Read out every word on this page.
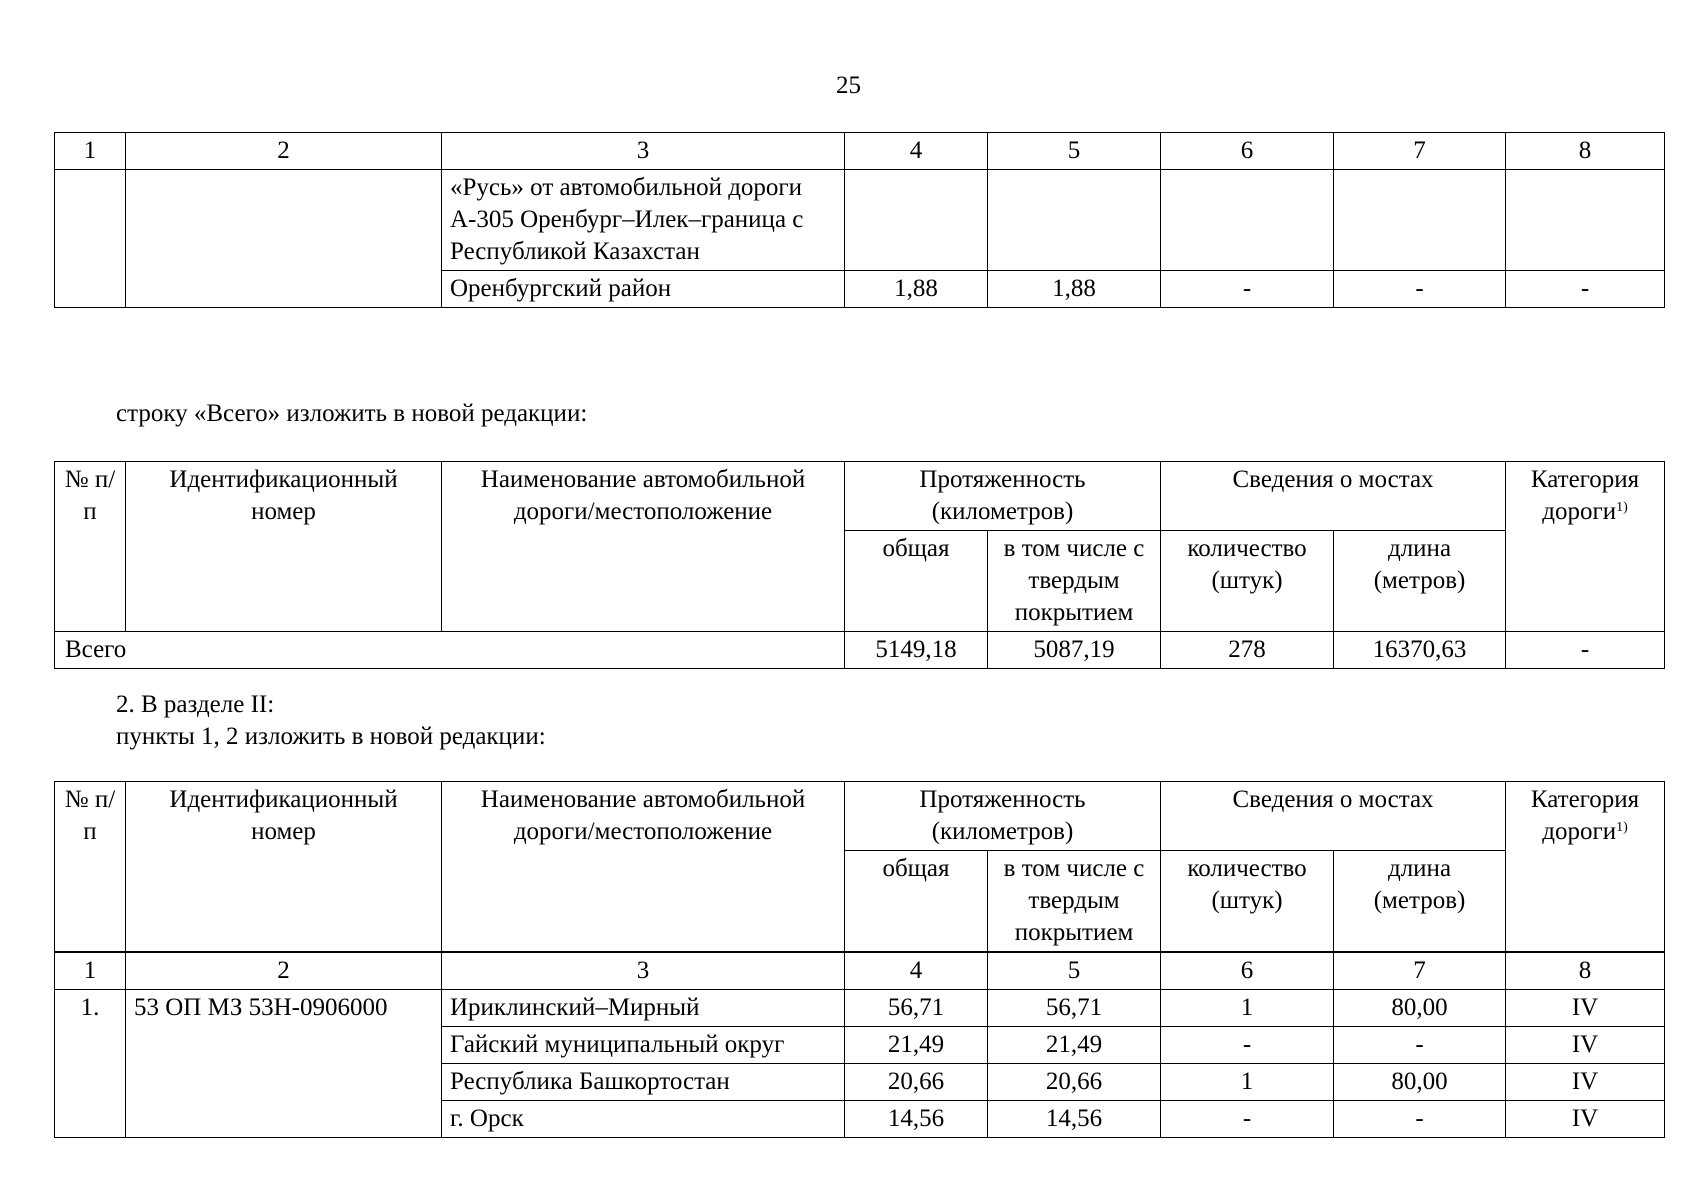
25
1	2	3	4	5	6	7	8
		«Русь» от автомобильной дороги А-305 Оренбург–Илек–граница с Республикой Казахстан					
		Оренбургский район	1,88	1,88	-	-	-
строку «Всего» изложить в новой редакции:
№ п/п	Идентификационный номер	Наименование автомобильной дороги/местоположение	Протяженность (километров)		Сведения о мостах		Категория дороги$^{1)}$
			общая	в том числе с твердым покрытием	количество (штук)	длина (метров)	
Всего			5149,18	5087,19	278	16370,63	-
2. В разделе II:
пункты 1, 2 изложить в новой редакции:
№ п/п	Идентификационный номер	Наименование автомобильной дороги/местоположение	Протяженность (километров)		Сведения о мостах		Категория дороги$^{1)}$
			общая	в том числе с твердым покрытием	количество (штук)	длина (метров)	
1	2	3	4	5	6	7	8
1.	53 ОП МЗ 53Н-0906000	Ириклинский–Мирный	56,71	56,71	1	80,00	IV
		Гайский муниципальный округ	21,49	21,49	-	-	IV
		Республика Башкортостан	20,66	20,66	1	80,00	IV
		г. Орск	14,56	14,56	-	-	IV
